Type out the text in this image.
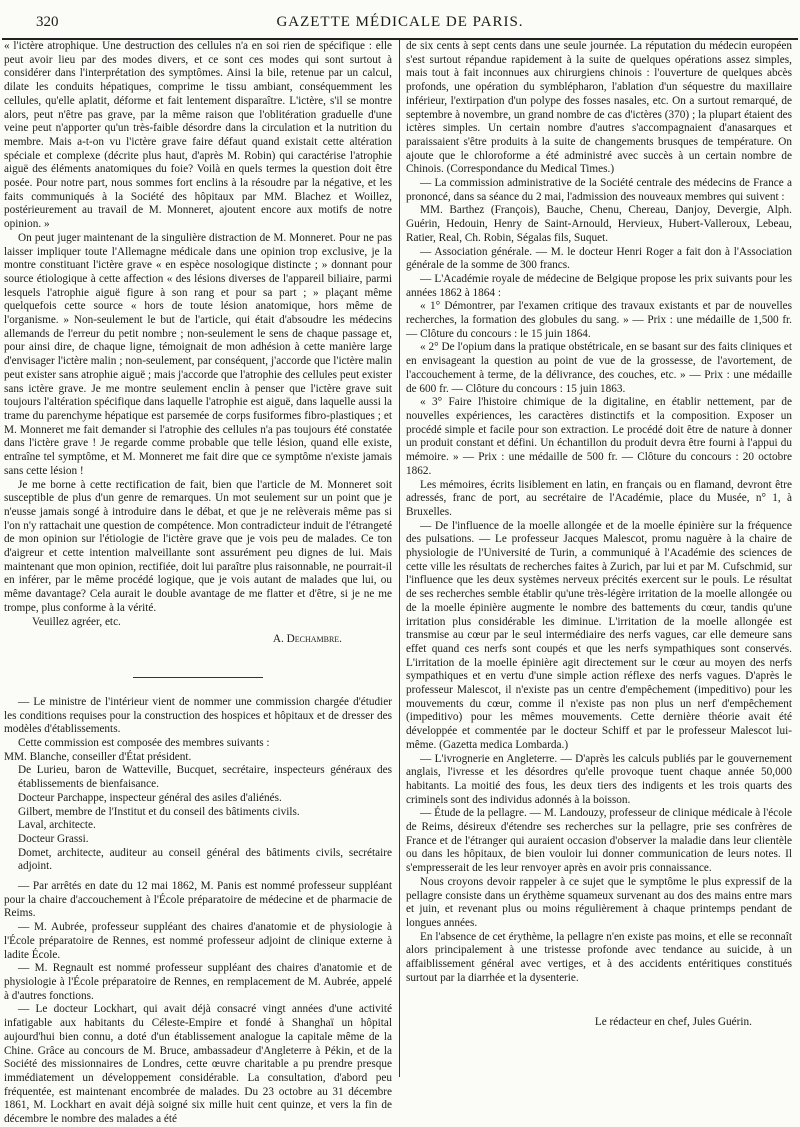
320	GAZETTE MÉDICALE DE PARIS.

« l'ictère atrophique. Une destruction des cellules n'a en soi rien de spécifique : elle peut avoir lieu par des modes divers, et ce sont ces modes qui sont surtout à considérer dans l'interprétation des symptômes. Ainsi la bile, retenue par un calcul, dilate les conduits hépatiques, comprime le tissu ambiant, conséquemment les cellules, qu'elle aplatit, déforme et fait lentement disparaître. L'ictère, s'il se montre alors, peut n'être pas grave, par la même raison que l'oblitération graduelle d'une veine peut n'apporter qu'un très-faible désordre dans la circulation et la nutrition du membre. Mais a-t-on vu l'ictère grave faire défaut quand existait cette altération spéciale et complexe (décrite plus haut, d'après M. Robin) qui caractérise l'atrophie aiguë des éléments anatomiques du foie? Voilà en quels termes la question doit être posée. Pour notre part, nous sommes fort enclins à la résoudre par la négative, et les faits communiqués à la Société des hôpitaux par MM. Blachez et Woillez, postérieurement au travail de M. Monneret, ajoutent encore aux motifs de notre opinion. »

On peut juger maintenant de la singulière distraction de M. Monneret. Pour ne pas laisser impliquer toute l'Allemagne médicale dans une opinion trop exclusive, je la montre constituant l'ictère grave « en espèce nosologique distincte ; » donnant pour source étiologique à cette affection « des lésions diverses de l'appareil biliaire, parmi lesquels l'atrophie aiguë figure à son rang et pour sa part ; » plaçant même quelquefois cette source « hors de toute lésion anatomique, hors même de l'organisme. » Non-seulement le but de l'article, qui était d'absoudre les médecins allemands de l'erreur du petit nombre ; non-seulement le sens de chaque passage et, pour ainsi dire, de chaque ligne, témoignait de mon adhésion à cette manière large d'envisager l'ictère malin ; non-seulement, par conséquent, j'accorde que l'ictère malin peut exister sans atrophie aiguë ; mais j'accorde que l'atrophie des cellules peut exister sans ictère grave. Je me montre seulement enclin à penser que l'ictère grave suit toujours l'altération spécifique dans laquelle l'atrophie est aiguë, dans laquelle aussi la trame du parenchyme hépatique est parsemée de corps fusiformes fibro-plastiques ; et M. Monneret me fait demander si l'atrophie des cellules n'a pas toujours été constatée dans l'ictère grave ! Je regarde comme probable que telle lésion, quand elle existe, entraîne tel symptôme, et M. Monneret me fait dire que ce symptôme n'existe jamais sans cette lésion !

Je me borne à cette rectification de fait, bien que l'article de M. Monneret soit susceptible de plus d'un genre de remarques. Un mot seulement sur un point que je n'eusse jamais songé à introduire dans le débat, et que je ne relèverais même pas si l'on n'y rattachait une question de compétence. Mon contradicteur induit de l'étrangeté de mon opinion sur l'étiologie de l'ictère grave que je vois peu de malades. Ce ton d'aigreur et cette intention malveillante sont assurément peu dignes de lui. Mais maintenant que mon opinion, rectifiée, doit lui paraître plus raisonnable, ne pourrait-il en inférer, par le même procédé logique, que je vois autant de malades que lui, ou même davantage? Cela aurait le double avantage de me flatter et d'être, si je ne me trompe, plus conforme à la vérité.

Veuillez agréer, etc.

A. Dechambre.

— Le ministre de l'intérieur vient de nommer une commission chargée d'étudier les conditions requises pour la construction des hospices et hôpitaux et de dresser des modèles d'établissements.

Cette commission est composée des membres suivants :

MM. Blanche, conseiller d'État président.

De Lurieu, baron de Watteville, Bucquet, secrétaire, inspecteurs généraux des établissements de bienfaisance.

Docteur Parchappe, inspecteur général des asiles d'aliénés.

Gilbert, membre de l'Institut et du conseil des bâtiments civils.

Laval, architecte.

Docteur Grassi.

Domet, architecte, auditeur au conseil général des bâtiments civils, secrétaire adjoint.

— Par arrêtés en date du 12 mai 1862, M. Panis est nommé professeur suppléant pour la chaire d'accouchement à l'École préparatoire de médecine et de pharmacie de Reims.

— M. Aubrée, professeur suppléant des chaires d'anatomie et de physiologie à l'École préparatoire de Rennes, est nommé professeur adjoint de clinique externe à ladite École.

— M. Regnault est nommé professeur suppléant des chaires d'anatomie et de physiologie à l'École préparatoire de Rennes, en remplacement de M. Aubrée, appelé à d'autres fonctions.

— Le docteur Lockhart, qui avait déjà consacré vingt années d'une activité infatigable aux habitants du Céleste-Empire et fondé à Shanghaï un hôpital aujourd'hui bien connu, a doté d'un établissement analogue la capitale même de la Chine. Grâce au concours de M. Bruce, ambassadeur d'Angleterre à Pékin, et de la Société des missionnaires de Londres, cette œuvre charitable a pu prendre presque immédiatement un développement considérable. La consultation, d'abord peu fréquentée, est maintenant encombrée de malades. Du 23 octobre au 31 décembre 1861, M. Lockhart en avait déjà soigné six mille huit cent quinze, et vers la fin de décembre le nombre des malades a été

de six cents à sept cents dans une seule journée. La réputation du médecin européen s'est surtout répandue rapidement à la suite de quelques opérations assez simples, mais tout à fait inconnues aux chirurgiens chinois : l'ouverture de quelques abcès profonds, une opération du symblépharon, l'ablation d'un séquestre du maxillaire inférieur, l'extirpation d'un polype des fosses nasales, etc. On a surtout remarqué, de septembre à novembre, un grand nombre de cas d'ictères (370) ; la plupart étaient des ictères simples. Un certain nombre d'autres s'accompagnaient d'anasarques et paraissaient s'être produits à la suite de changements brusques de température. On ajoute que le chloroforme a été administré avec succès à un certain nombre de Chinois. (Correspondance du Medical Times.)

— La commission administrative de la Société centrale des médecins de France a prononcé, dans sa séance du 2 mai, l'admission des nouveaux membres qui suivent :

MM. Barthez (François), Bauche, Chenu, Chereau, Danjoy, Devergie, Alph. Guérin, Hedouin, Henry de Saint-Arnould, Hervieux, Hubert-Valleroux, Lebeau, Ratier, Real, Ch. Robin, Ségalas fils, Suquet.

— Association générale. — M. le docteur Henri Roger a fait don à l'Association générale de la somme de 300 francs.

— L'Académie royale de médecine de Belgique propose les prix suivants pour les années 1862 à 1864 :

« 1° Démontrer, par l'examen critique des travaux existants et par de nouvelles recherches, la formation des globules du sang. » — Prix : une médaille de 1,500 fr. — Clôture du concours : le 15 juin 1864.

« 2° De l'opium dans la pratique obstétricale, en se basant sur des faits cliniques et en envisageant la question au point de vue de la grossesse, de l'avortement, de l'accouchement à terme, de la délivrance, des couches, etc. » — Prix : une médaille de 600 fr. — Clôture du concours : 15 juin 1863.

« 3° Faire l'histoire chimique de la digitaline, en établir nettement, par de nouvelles expériences, les caractères distinctifs et la composition. Exposer un procédé simple et facile pour son extraction. Le procédé doit être de nature à donner un produit constant et défini. Un échantillon du produit devra être fourni à l'appui du mémoire. » — Prix : une médaille de 500 fr. — Clôture du concours : 20 octobre 1862.

Les mémoires, écrits lisiblement en latin, en français ou en flamand, devront être adressés, franc de port, au secrétaire de l'Académie, place du Musée, n° 1, à Bruxelles.

— De l'influence de la moelle allongée et de la moelle épinière sur la fréquence des pulsations. — Le professeur Jacques Malescot, promu naguère à la chaire de physiologie de l'Université de Turin, a communiqué à l'Académie des sciences de cette ville les résultats de recherches faites à Zurich, par lui et par M. Cufschmid, sur l'influence que les deux systèmes nerveux précités exercent sur le pouls. Le résultat de ses recherches semble établir qu'une très-légère irritation de la moelle allongée ou de la moelle épinière augmente le nombre des battements du cœur, tandis qu'une irritation plus considérable les diminue. L'irritation de la moelle allongée est transmise au cœur par le seul intermédiaire des nerfs vagues, car elle demeure sans effet quand ces nerfs sont coupés et que les nerfs sympathiques sont conservés. L'irritation de la moelle épinière agit directement sur le cœur au moyen des nerfs sympathiques et en vertu d'une simple action réflexe des nerfs vagues. D'après le professeur Malescot, il n'existe pas un centre d'empêchement (impeditivo) pour les mouvements du cœur, comme il n'existe pas non plus un nerf d'empêchement (impeditivo) pour les mêmes mouvements. Cette dernière théorie avait été développée et commentée par le docteur Schiff et par le professeur Malescot lui-même. (Gazetta medica Lombarda.)

— L'ivrognerie en Angleterre. — D'après les calculs publiés par le gouvernement anglais, l'ivresse et les désordres qu'elle provoque tuent chaque année 50,000 habitants. La moitié des fous, les deux tiers des indigents et les trois quarts des criminels sont des individus adonnés à la boisson.

— Étude de la pellagre. — M. Landouzy, professeur de clinique médicale à l'école de Reims, désireux d'étendre ses recherches sur la pellagre, prie ses confrères de France et de l'étranger qui auraient occasion d'observer la maladie dans leur clientèle ou dans les hôpitaux, de bien vouloir lui donner communication de leurs notes. Il s'empresserait de les leur renvoyer après en avoir pris connaissance.

Nous croyons devoir rappeler à ce sujet que le symptôme le plus expressif de la pellagre consiste dans un érythème squameux survenant au dos des mains entre mars et juin, et revenant plus ou moins régulièrement à chaque printemps pendant de longues années.

En l'absence de cet érythème, la pellagre n'en existe pas moins, et elle se reconnaît alors principalement à une tristesse profonde avec tendance au suicide, à un affaiblissement général avec vertiges, et à des accidents entéritiques constitués surtout par la diarrhée et la dysenterie.

Le rédacteur en chef, Jules Guérin.
